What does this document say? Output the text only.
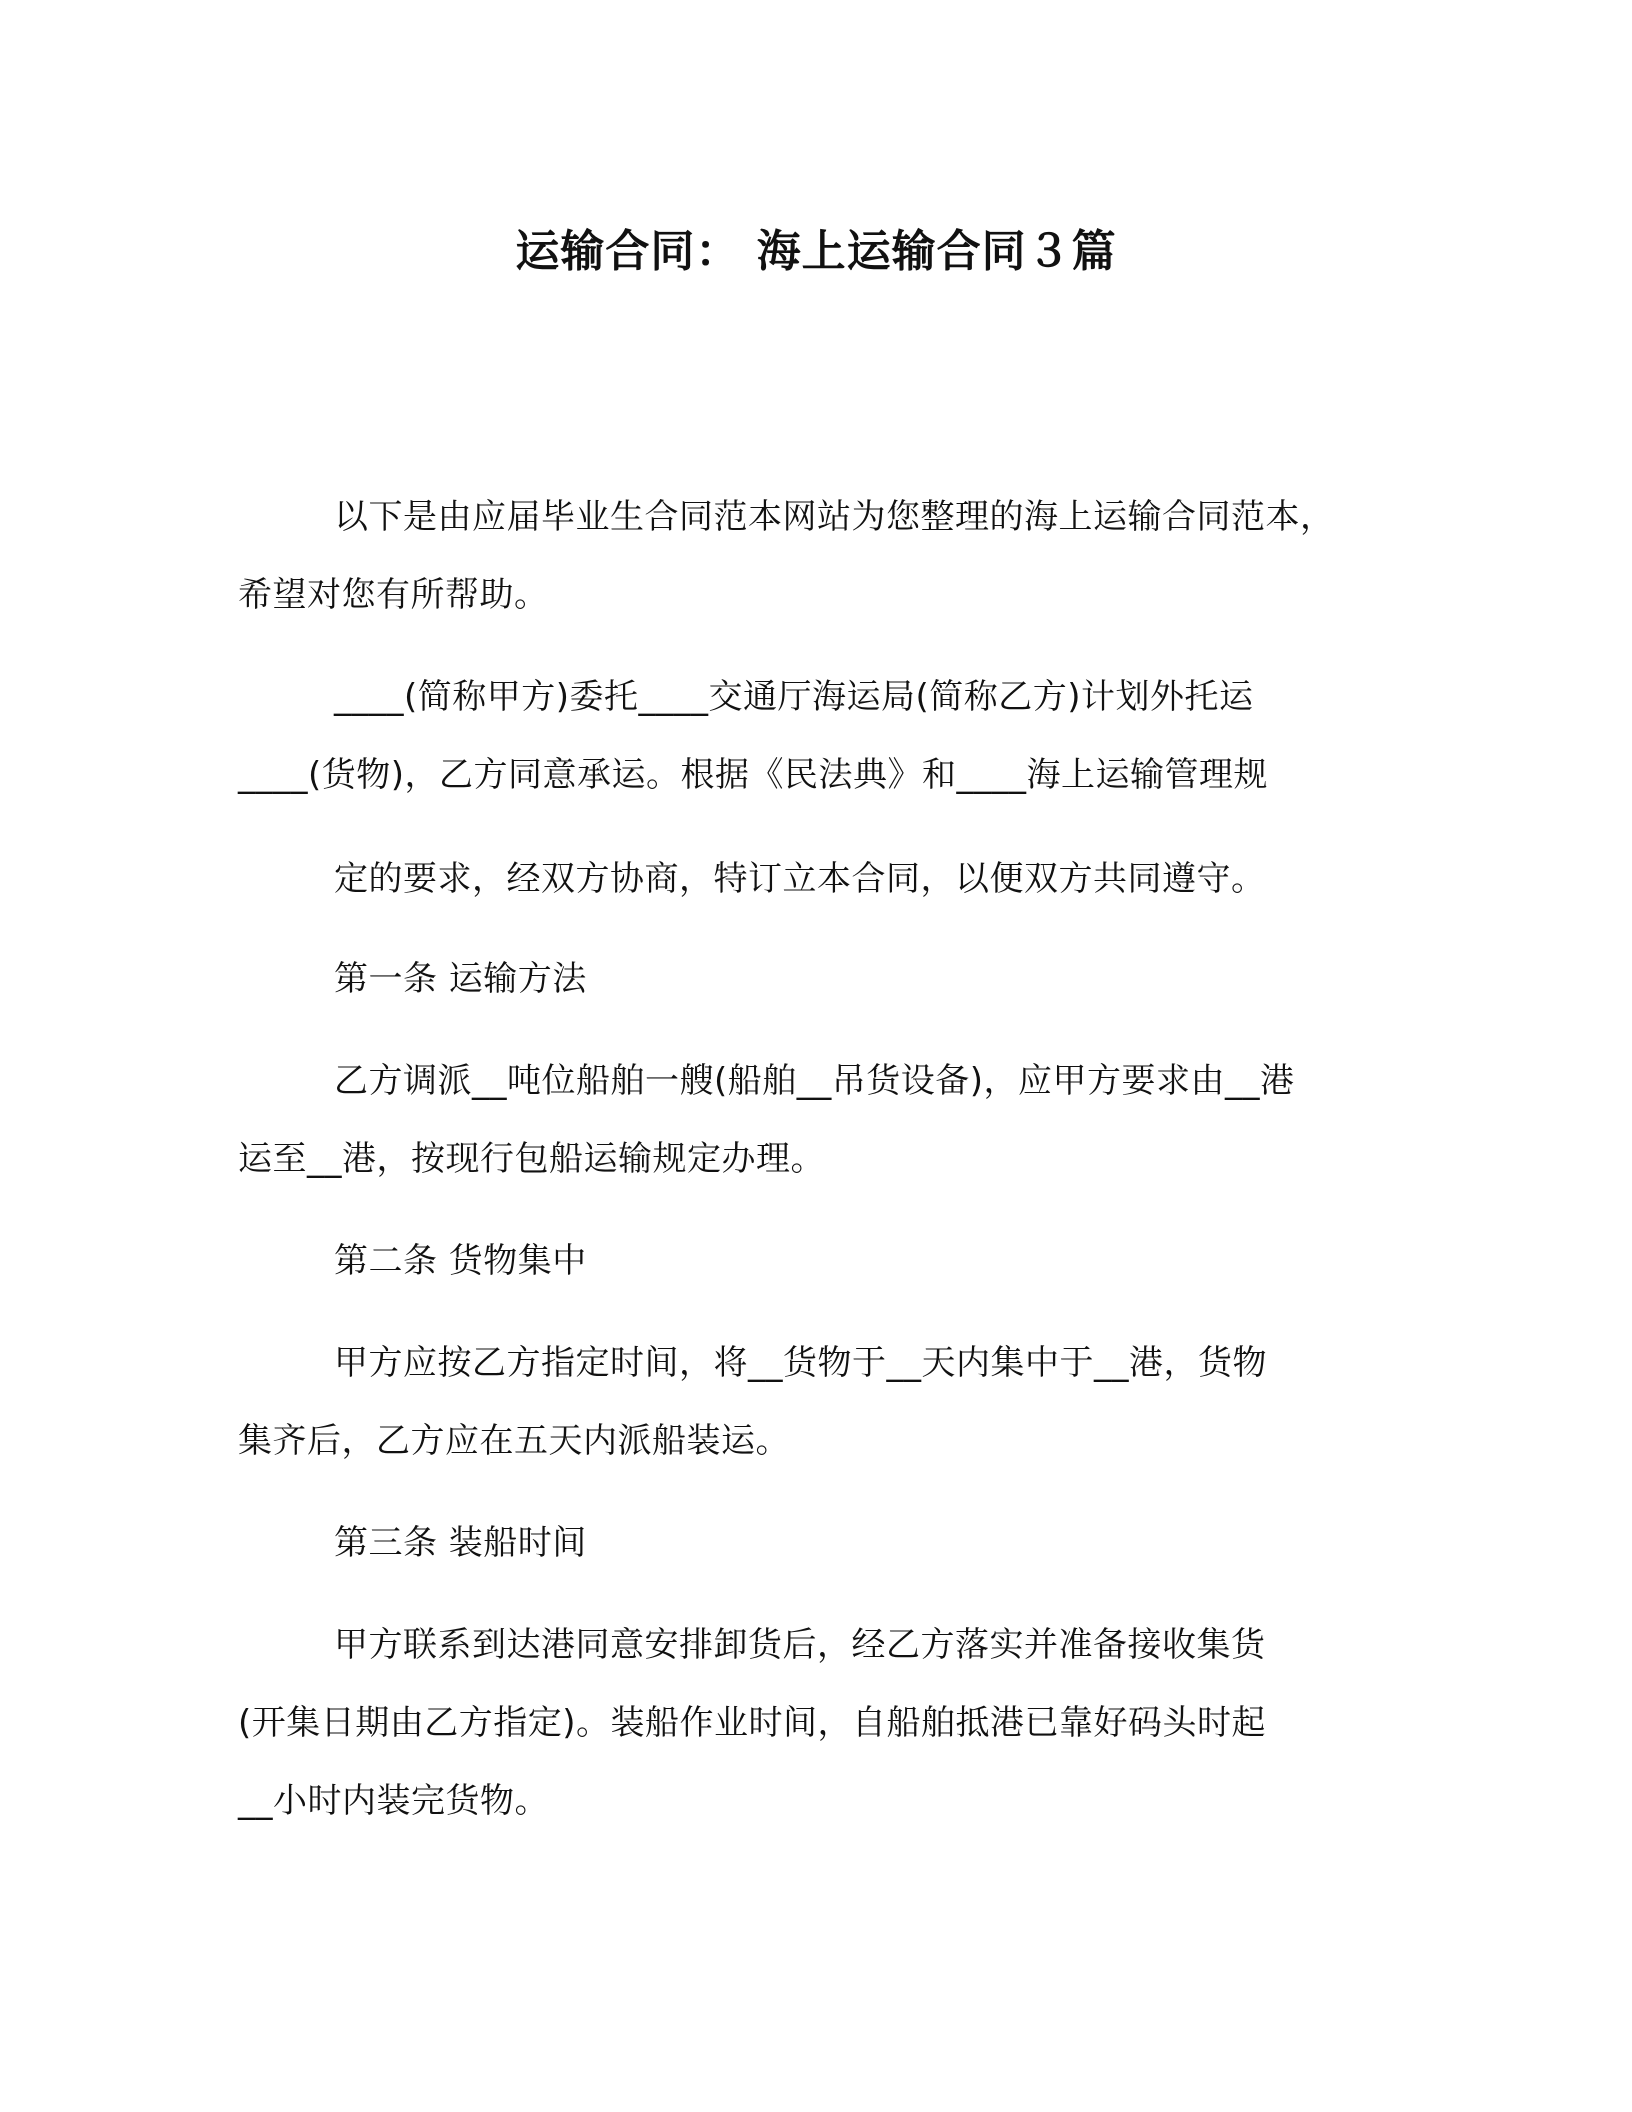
运输合同： 海上运输合同３篇
以下是由应届毕业生合同范本网站为您整理的海上运输合同范本，
希望对您有所帮助。
____(简称甲方)委托____交通厅海运局(简称乙方)计划外托运
____(货物)，乙方同意承运。根据《民法典》和____海上运输管理规
定的要求，经双方协商，特订立本合同，以便双方共同遵守。
第一条 运输方法
乙方调派__吨位船舶一艘(船舶__吊货设备)，应甲方要求由__港
运至__港，按现行包船运输规定办理。
第二条 货物集中
甲方应按乙方指定时间，将__货物于__天内集中于__港，货物
集齐后，乙方应在五天内派船装运。
第三条 装船时间
甲方联系到达港同意安排卸货后，经乙方落实并准备接收集货
(开集日期由乙方指定)。装船作业时间，自船舶抵港已靠好码头时起
__小时内装完货物。
